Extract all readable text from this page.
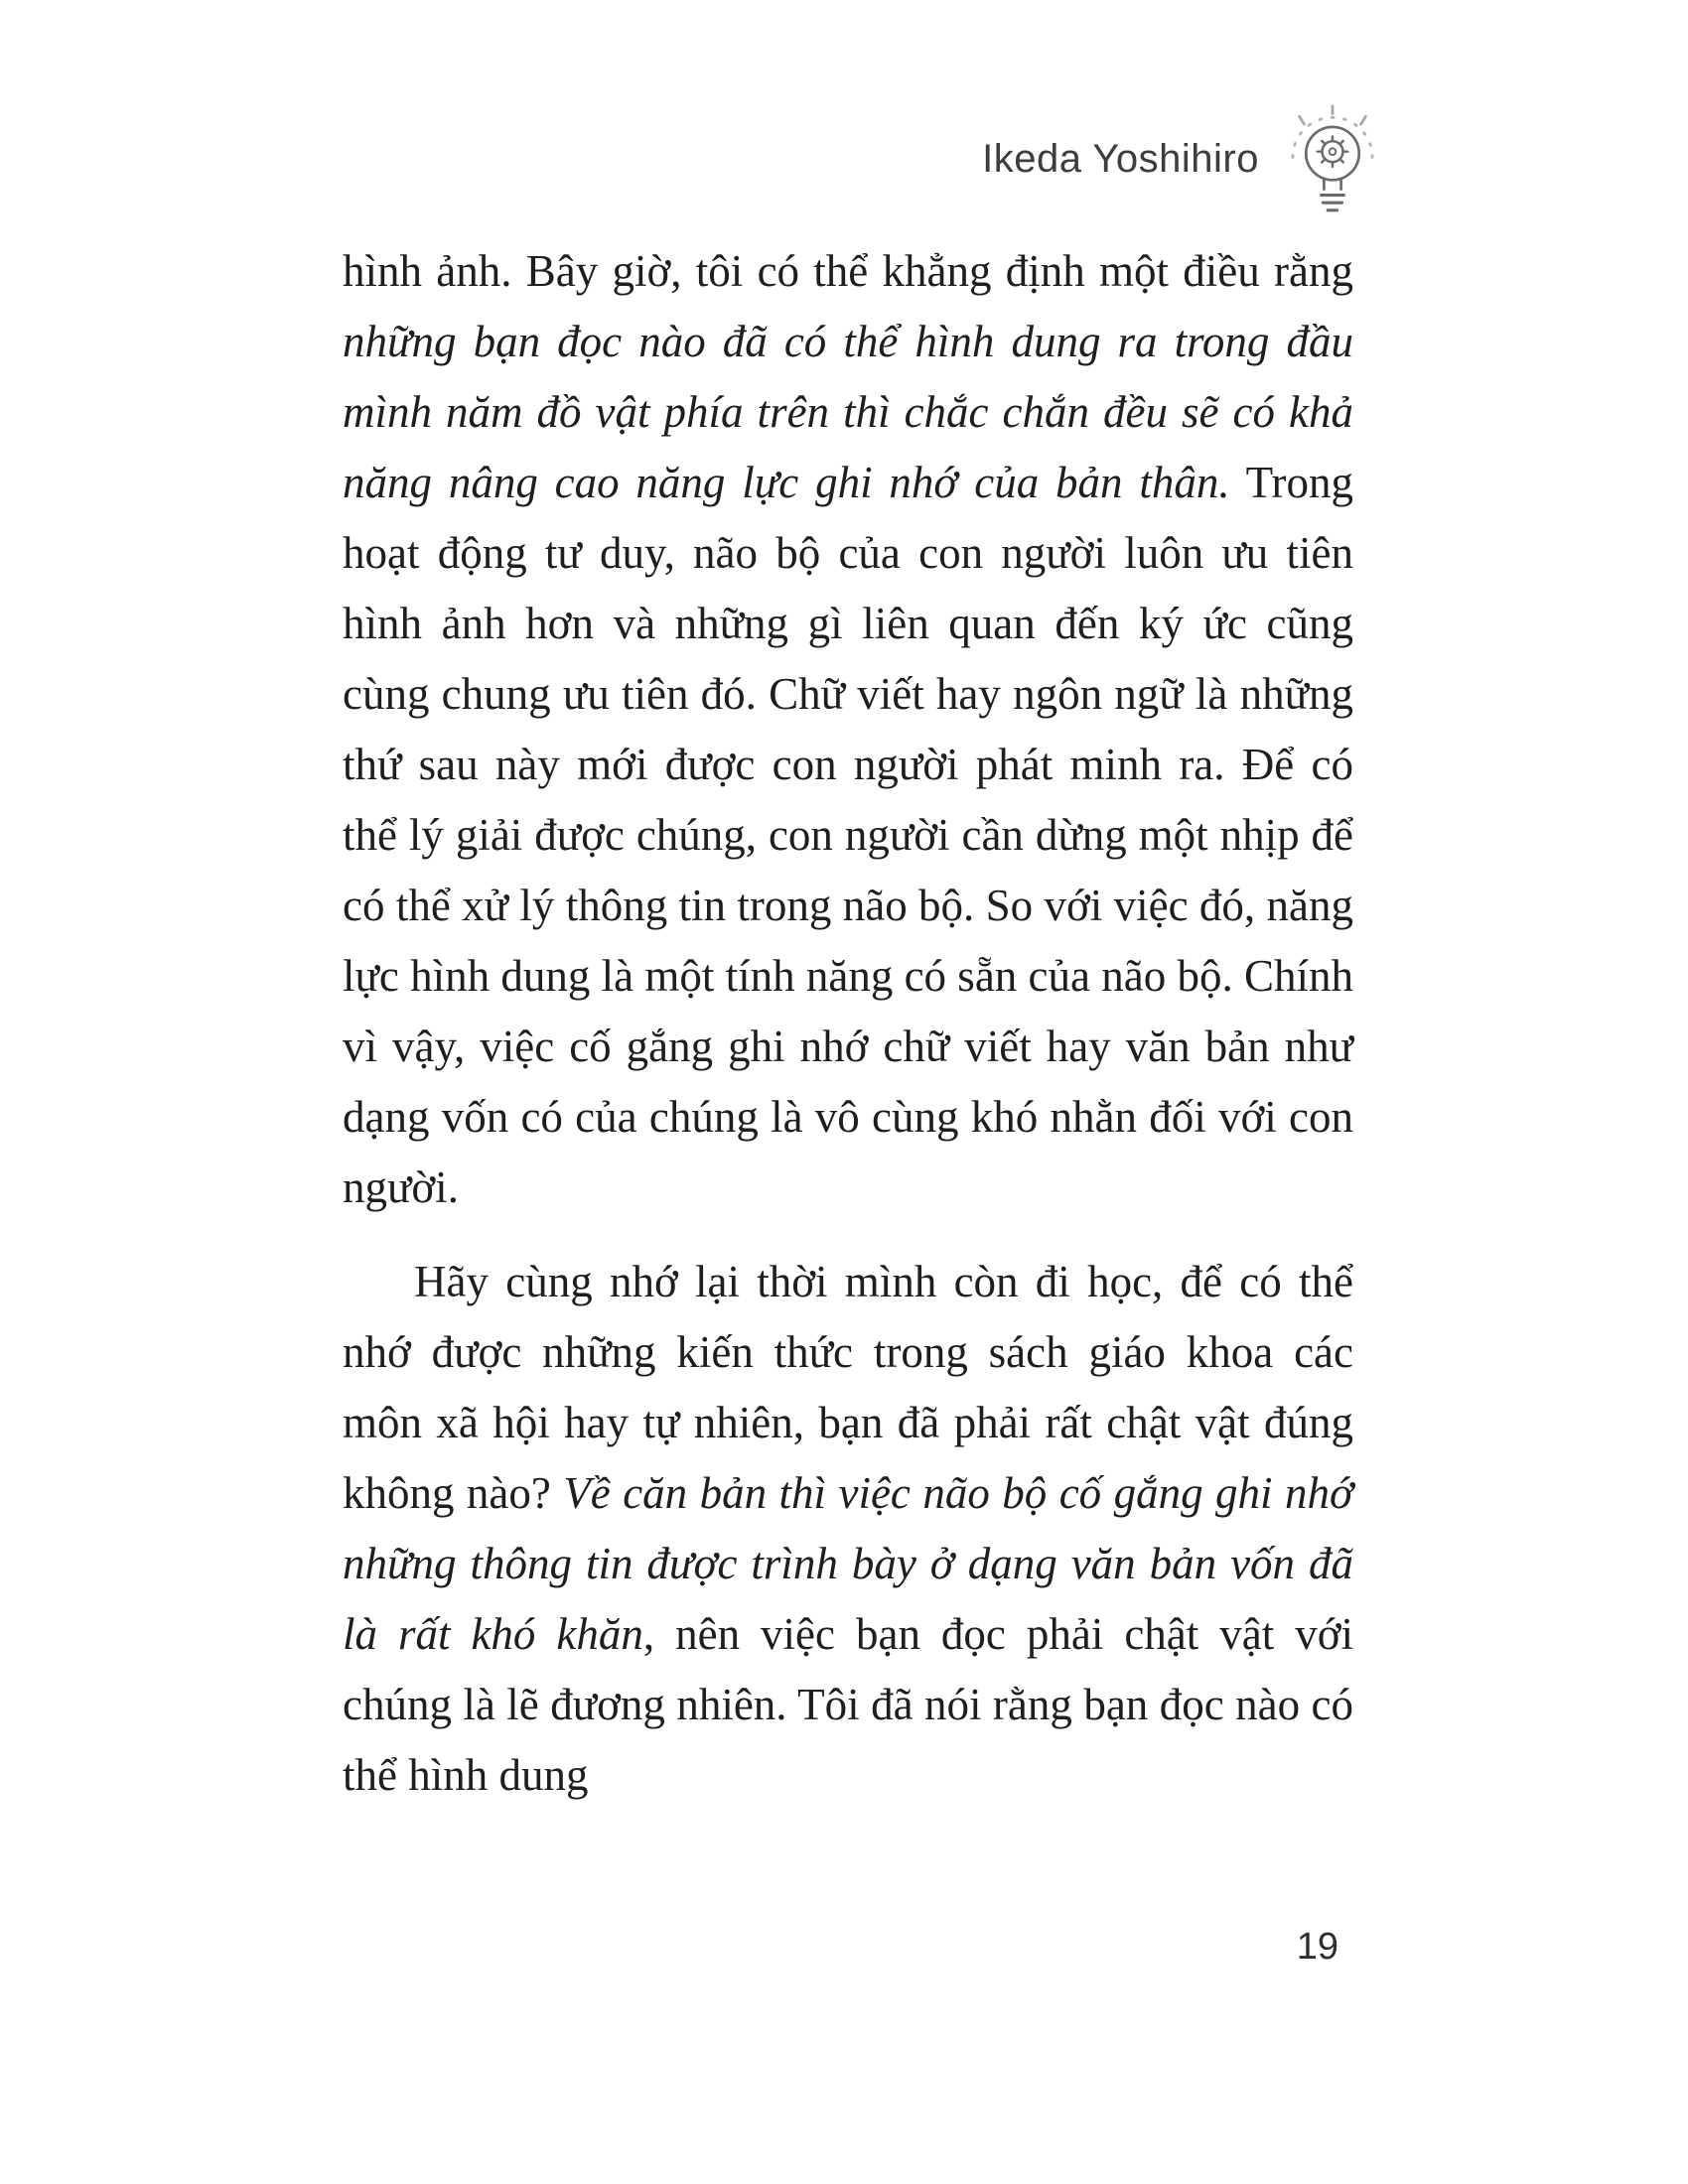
Ikeda Yoshihiro

hình ảnh. Bây giờ, tôi có thể khẳng định một điều rằng những bạn đọc nào đã có thể hình dung ra trong đầu mình năm đồ vật phía trên thì chắc chắn đều sẽ có khả năng nâng cao năng lực ghi nhớ của bản thân. Trong hoạt động tư duy, não bộ của con người luôn ưu tiên hình ảnh hơn và những gì liên quan đến ký ức cũng cùng chung ưu tiên đó. Chữ viết hay ngôn ngữ là những thứ sau này mới được con người phát minh ra. Để có thể lý giải được chúng, con người cần dừng một nhịp để có thể xử lý thông tin trong não bộ. So với việc đó, năng lực hình dung là một tính năng có sẵn của não bộ. Chính vì vậy, việc cố gắng ghi nhớ chữ viết hay văn bản như dạng vốn có của chúng là vô cùng khó nhằn đối với con người.

Hãy cùng nhớ lại thời mình còn đi học, để có thể nhớ được những kiến thức trong sách giáo khoa các môn xã hội hay tự nhiên, bạn đã phải rất chật vật đúng không nào? Về căn bản thì việc não bộ cố gắng ghi nhớ những thông tin được trình bày ở dạng văn bản vốn đã là rất khó khăn, nên việc bạn đọc phải chật vật với chúng là lẽ đương nhiên. Tôi đã nói rằng bạn đọc nào có thể hình dung

19
